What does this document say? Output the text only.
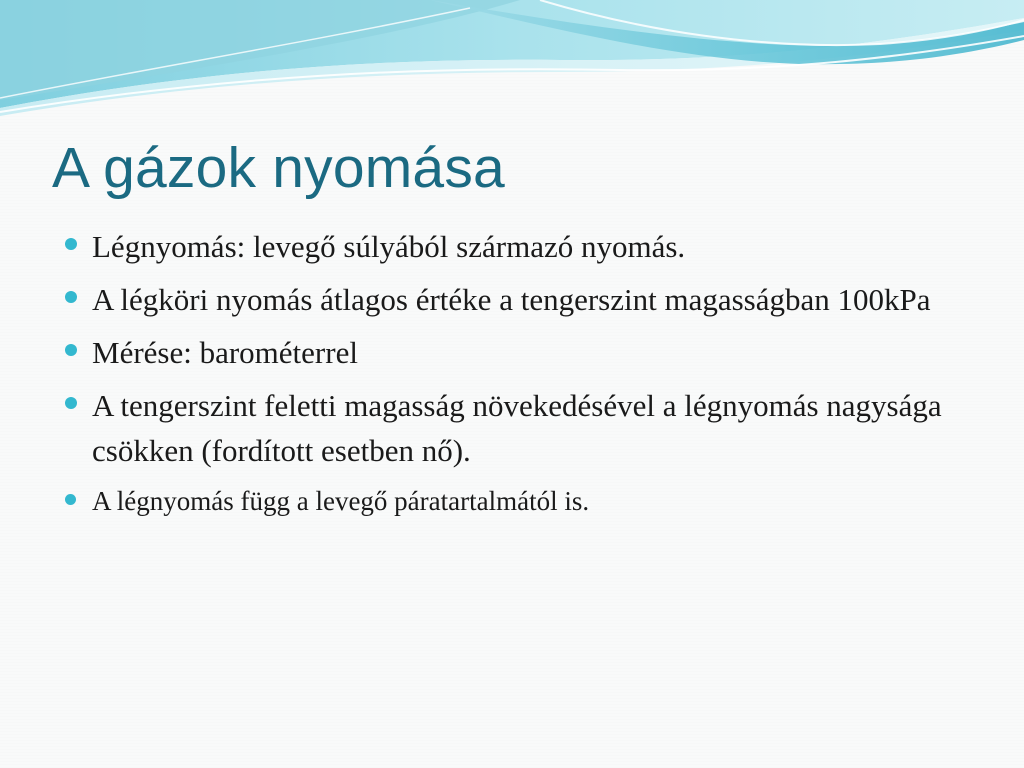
A gázok nyomása
Légnyomás: levegő súlyából származó nyomás.
A légköri nyomás átlagos értéke a tengerszint magasságban 100kPa
Mérése: barométerrel
A tengerszint feletti magasság növekedésével a légnyomás nagysága csökken (fordított esetben nő).
A légnyomás függ a levegő páratartalmától is.
